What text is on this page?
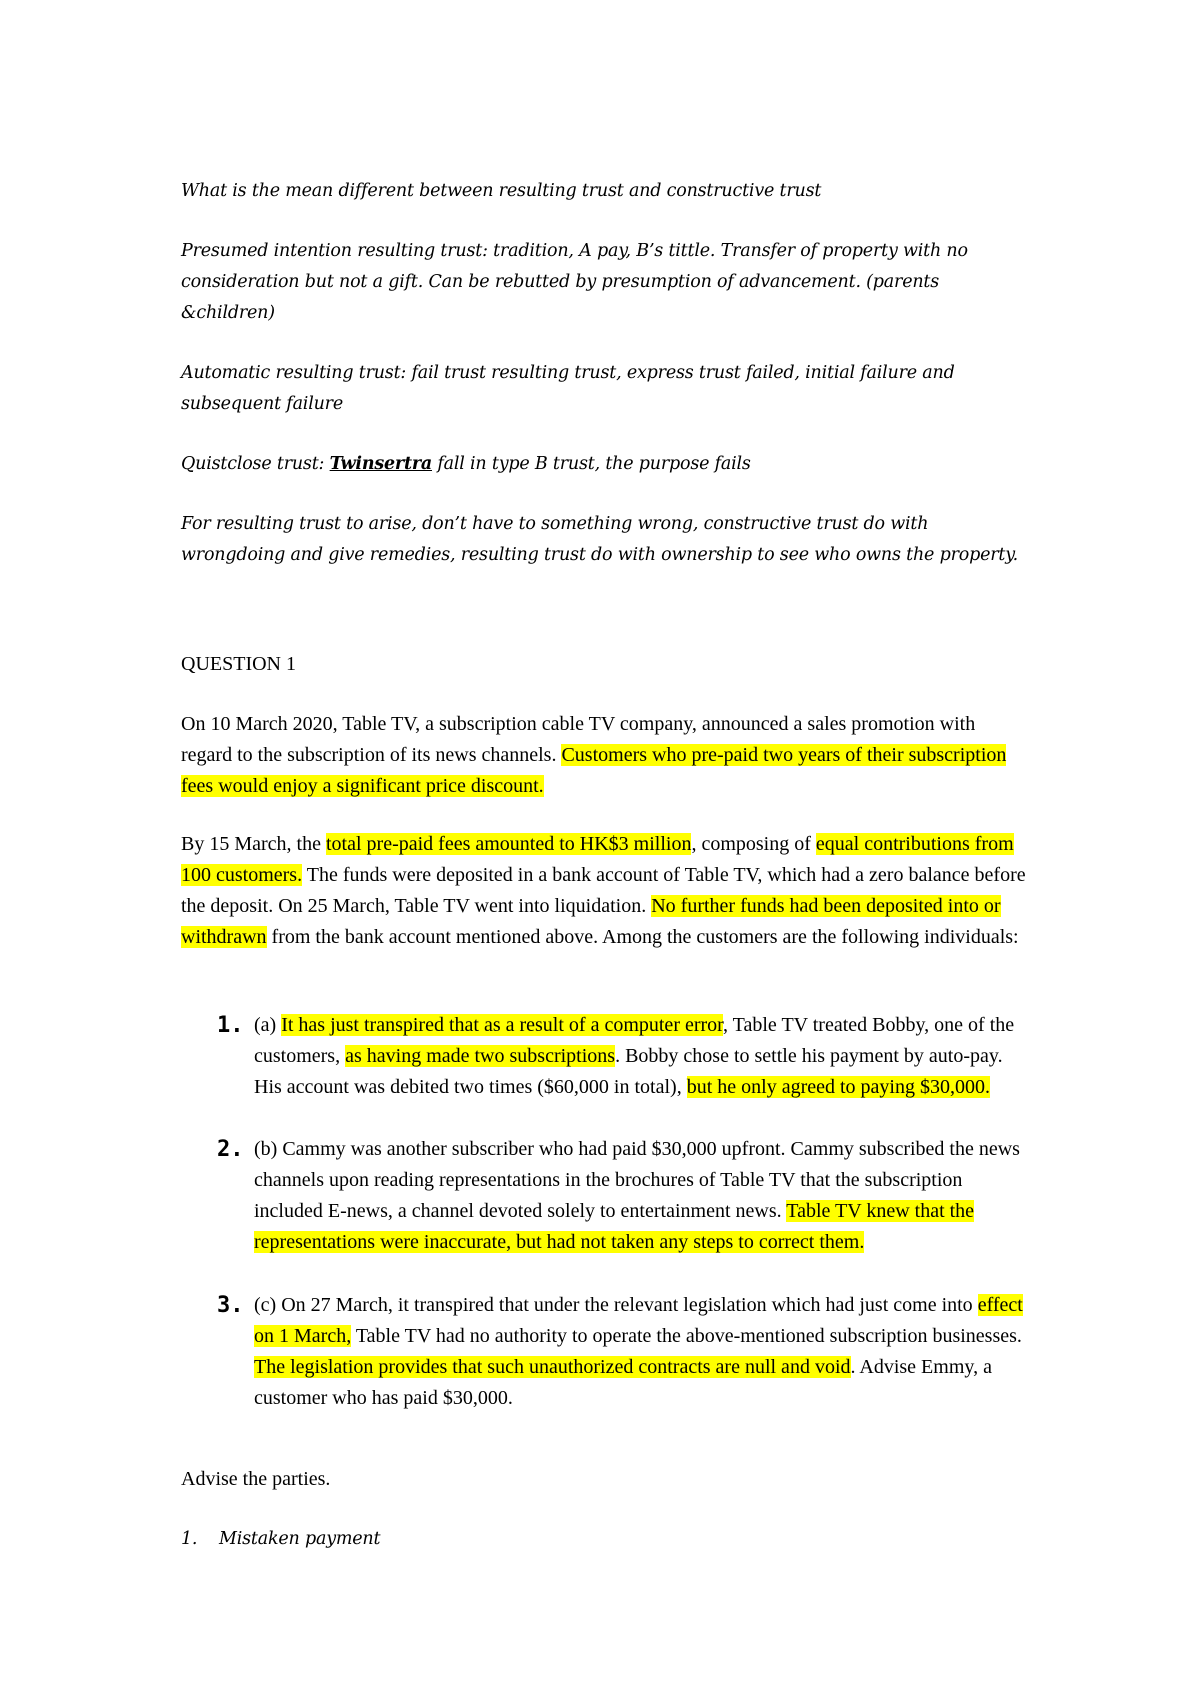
What is the mean different between resulting trust and constructive trust

Presumed intention resulting trust: tradition, A pay, B’s tittle. Transfer of property with no consideration but not a gift. Can be rebutted by presumption of advancement. (parents &children)

Automatic resulting trust: fail trust resulting trust, express trust failed, initial failure and subsequent failure

Quistclose trust: Twinsertra fall in type B trust, the purpose fails

For resulting trust to arise, don’t have to something wrong, constructive trust do with wrongdoing and give remedies, resulting trust do with ownership to see who owns the property.

QUESTION 1

On 10 March 2020, Table TV, a subscription cable TV company, announced a sales promotion with regard to the subscription of its news channels. Customers who pre-paid two years of their subscription fees would enjoy a significant price discount.

By 15 March, the total pre-paid fees amounted to HK$3 million, composing of equal contributions from 100 customers. The funds were deposited in a bank account of Table TV, which had a zero balance before the deposit. On 25 March, Table TV went into liquidation. No further funds had been deposited into or withdrawn from the bank account mentioned above. Among the customers are the following individuals:

1. (a) It has just transpired that as a result of a computer error, Table TV treated Bobby, one of the customers, as having made two subscriptions. Bobby chose to settle his payment by auto-pay. His account was debited two times ($60,000 in total), but he only agreed to paying $30,000.
2. (b) Cammy was another subscriber who had paid $30,000 upfront. Cammy subscribed the news channels upon reading representations in the brochures of Table TV that the subscription included E-news, a channel devoted solely to entertainment news. Table TV knew that the representations were inaccurate, but had not taken any steps to correct them.
3. (c) On 27 March, it transpired that under the relevant legislation which had just come into effect on 1 March, Table TV had no authority to operate the above-mentioned subscription businesses. The legislation provides that such unauthorized contracts are null and void. Advise Emmy, a customer who has paid $30,000.

Advise the parties.

1. Mistaken payment
